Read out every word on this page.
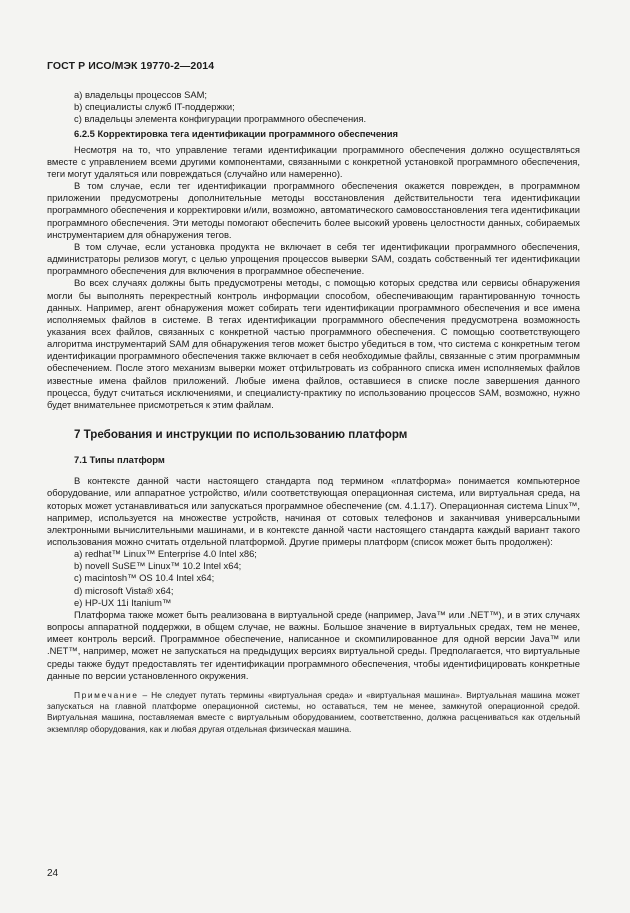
ГОСТ Р ИСО/МЭК 19770-2—2014
a) владельцы процессов SAM;
b) специалисты служб IT-поддержки;
c) владельцы элемента конфигурации программного обеспечения.
6.2.5 Корректировка тега идентификации программного обеспечения

Несмотря на то, что управление тегами идентификации программного обеспечения должно осуществляться вместе с управлением всеми другими компонентами, связанными с конкретной установкой программного обеспечения, теги могут удаляться или повреждаться (случайно или намеренно).

В том случае, если тег идентификации программного обеспечения окажется поврежден, в программном приложении предусмотрены дополнительные методы восстановления действительности тега идентификации программного обеспечения и корректировки и/или, возможно, автоматического самовосстановления тега идентификации программного обеспечения. Эти методы помогают обеспечить более высокий уровень целостности данных, собираемых инструментарием для обнаружения тегов.

В том случае, если установка продукта не включает в себя тег идентификации программного обеспечения, администраторы релизов могут, с целью упрощения процессов выверки SAM, создать собственный тег идентификации программного обеспечения для включения в программное обеспечение.

Во всех случаях должны быть предусмотрены методы, с помощью которых средства или сервисы обнаружения могли бы выполнять перекрестный контроль информации способом, обеспечивающим гарантированную точность данных. Например, агент обнаружения может собирать теги идентификации программного обеспечения и все имена исполняемых файлов в системе. В тегах идентификации программного обеспечения предусмотрена возможность указания всех файлов, связанных с конкретной частью программного обеспечения. С помощью соответствующего алгоритма инструментарий SAM для обнаружения тегов может быстро убедиться в том, что система с конкретным тегом идентификации программного обеспечения также включает в себя необходимые файлы, связанные с этим программным обеспечением. После этого механизм выверки может отфильтровать из собранного списка имен исполняемых файлов известные имена файлов приложений. Любые имена файлов, оставшиеся в списке после завершения данного процесса, будут считаться исключениями, и специалисту-практику по использованию процессов SAM, возможно, нужно будет внимательнее присмотреться к этим файлам.

7 Требования и инструкции по использованию платформ
7.1 Типы платформ

В контексте данной части настоящего стандарта под термином «платформа» понимается компьютерное оборудование, или аппаратное устройство, и/или соответствующая операционная система, или виртуальная среда, на которых может устанавливаться или запускаться программное обеспечение (см. 4.1.17). Операционная система Linux™, например, используется на множестве устройств, начиная от сотовых телефонов и заканчивая универсальными электронными вычислительными машинами, и в контексте данной части настоящего стандарта каждый вариант такого использования можно считать отдельной платформой. Другие примеры платформ (список может быть продолжен):

a) redhat™ Linux™ Enterprise 4.0 Intel x86;
b) novell SuSE™ Linux™ 10.2 Intel x64;
c) macintosh™ OS 10.4 Intel x64;
d) microsoft Vista® x64;
e) HP-UX 11i Itanium™

Платформа также может быть реализована в виртуальной среде (например, Java™ или .NET™), и в этих случаях вопросы аппаратной поддержки, в общем случае, не важны. Большое значение в виртуальных средах, тем не менее, имеет контроль версий. Программное обеспечение, написанное и скомпилированное для одной версии Java™ или .NET™, например, может не запускаться на предыдущих версиях виртуальной среды. Предполагается, что виртуальные среды также будут предоставлять тег идентификации программного обеспечения, чтобы идентифицировать конкретные данные по версии установленного окружения.

Примечание – Не следует путать термины «виртуальная среда» и «виртуальная машина». Виртуальная машина может запускаться на главной платформе операционной системы, но оставаться, тем не менее, замкнутой операционной средой. Виртуальная машина, поставляемая вместе с виртуальным оборудованием, соответственно, должна расцениваться как отдельный экземпляр оборудования, как и любая другая отдельная физическая машина.

24
